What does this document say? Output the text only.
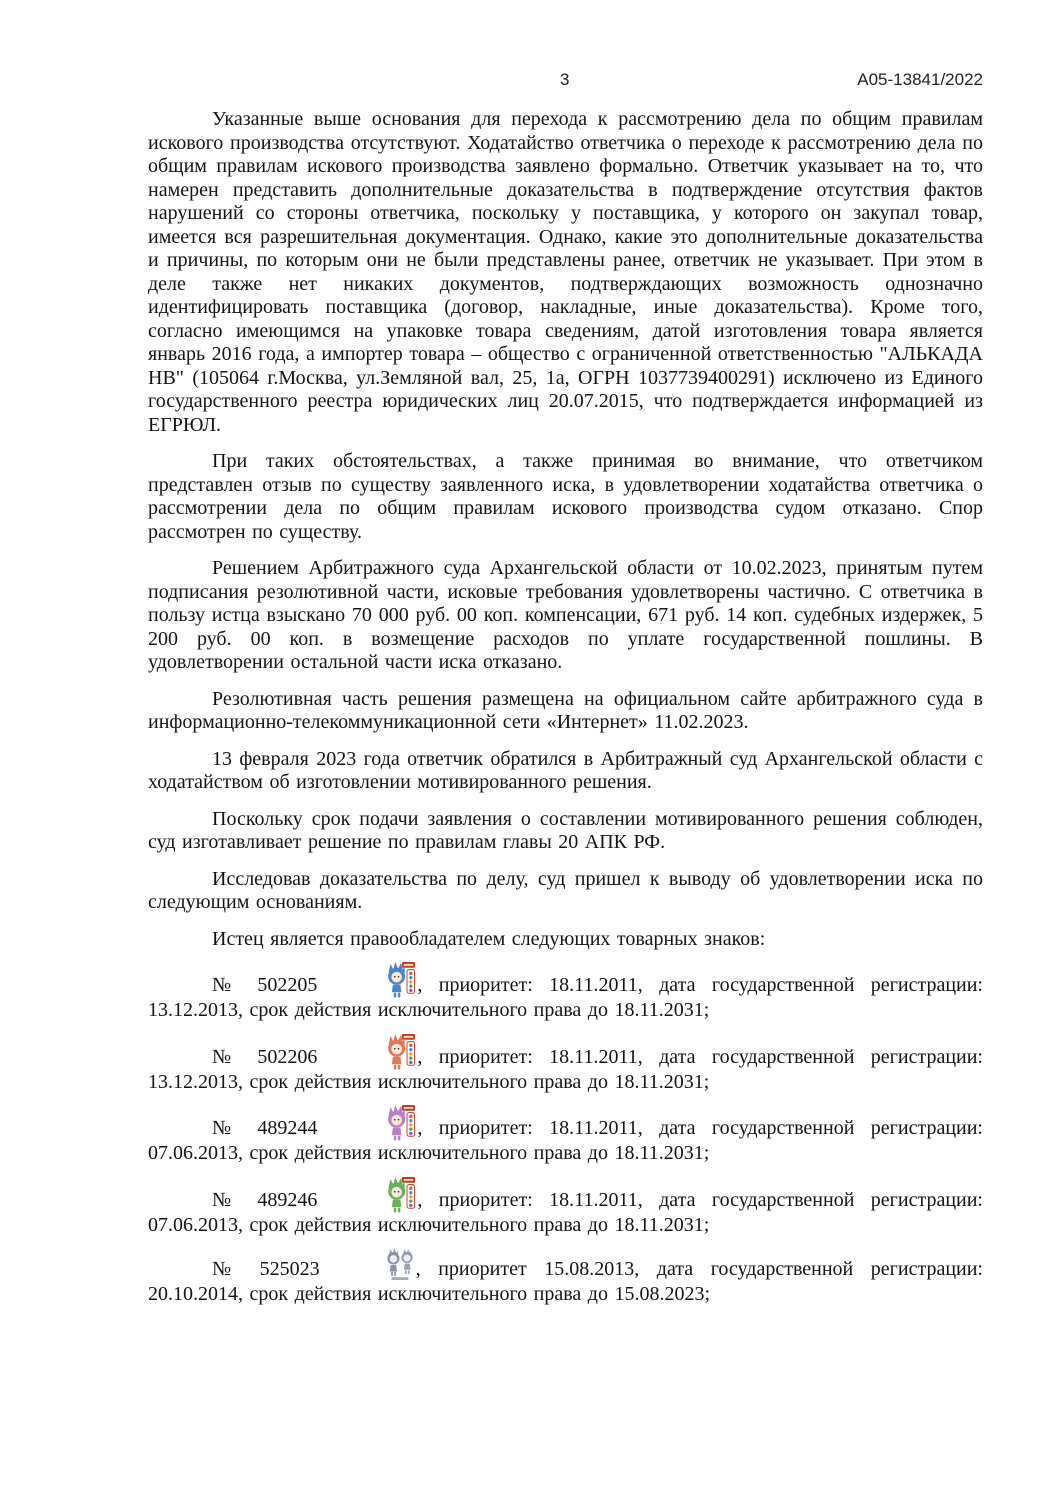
3	А05-13841/2022

Указанные выше основания для перехода к рассмотрению дела по общим правилам искового производства отсутствуют. Ходатайство ответчика о переходе к рассмотрению дела по общим правилам искового производства заявлено формально. Ответчик указывает на то, что намерен представить дополнительные доказательства в подтверждение отсутствия фактов нарушений со стороны ответчика, поскольку у поставщика, у которого он закупал товар, имеется вся разрешительная документация. Однако, какие это дополнительные доказательства и причины, по которым они не были представлены ранее, ответчик не указывает. При этом в деле также нет никаких документов, подтверждающих возможность однозначно идентифицировать поставщика (договор, накладные, иные доказательства). Кроме того, согласно имеющимся на упаковке товара сведениям, датой изготовления товара является январь 2016 года, а импортер товара – общество с ограниченной ответственностью "АЛЬКАДА НВ" (105064 г.Москва, ул.Земляной вал, 25, 1а, ОГРН 1037739400291) исключено из Единого государственного реестра юридических лиц 20.07.2015, что подтверждается информацией из ЕГРЮЛ.

При таких обстоятельствах, а также принимая во внимание, что ответчиком представлен отзыв по существу заявленного иска, в удовлетворении ходатайства ответчика о рассмотрении дела по общим правилам искового производства судом отказано. Спор рассмотрен по существу.

Решением Арбитражного суда Архангельской области от 10.02.2023, принятым путем подписания резолютивной части, исковые требования удовлетворены частично. С ответчика в пользу истца взыскано 70 000 руб. 00 коп. компенсации, 671 руб. 14 коп. судебных издержек, 5 200 руб. 00 коп. в возмещение расходов по уплате государственной пошлины. В удовлетворении остальной части иска отказано.

Резолютивная часть решения размещена на официальном сайте арбитражного суда в информационно-телекоммуникационной сети «Интернет» 11.02.2023.

13 февраля 2023 года ответчик обратился в Арбитражный суд Архангельской области с ходатайством об изготовлении мотивированного решения.

Поскольку срок подачи заявления о составлении мотивированного решения соблюден, суд изготавливает решение по правилам главы 20 АПК РФ.

Исследовав доказательства по делу, суд пришел к выводу об удовлетворении иска по следующим основаниям.

Истец является правообладателем следующих товарных знаков:

№ 502205	, приоритет: 18.11.2011, дата государственной регистрации: 13.12.2013, срок действия исключительного права до 18.11.2031;

№ 502206	, приоритет: 18.11.2011, дата государственной регистрации: 13.12.2013, срок действия исключительного права до 18.11.2031;

№ 489244	, приоритет: 18.11.2011, дата государственной регистрации: 07.06.2013, срок действия исключительного права до 18.11.2031;

№ 489246	, приоритет: 18.11.2011, дата государственной регистрации: 07.06.2013, срок действия исключительного права до 18.11.2031;

№ 525023	, приоритет 15.08.2013, дата государственной регистрации: 20.10.2014, срок действия исключительного права до 15.08.2023;
